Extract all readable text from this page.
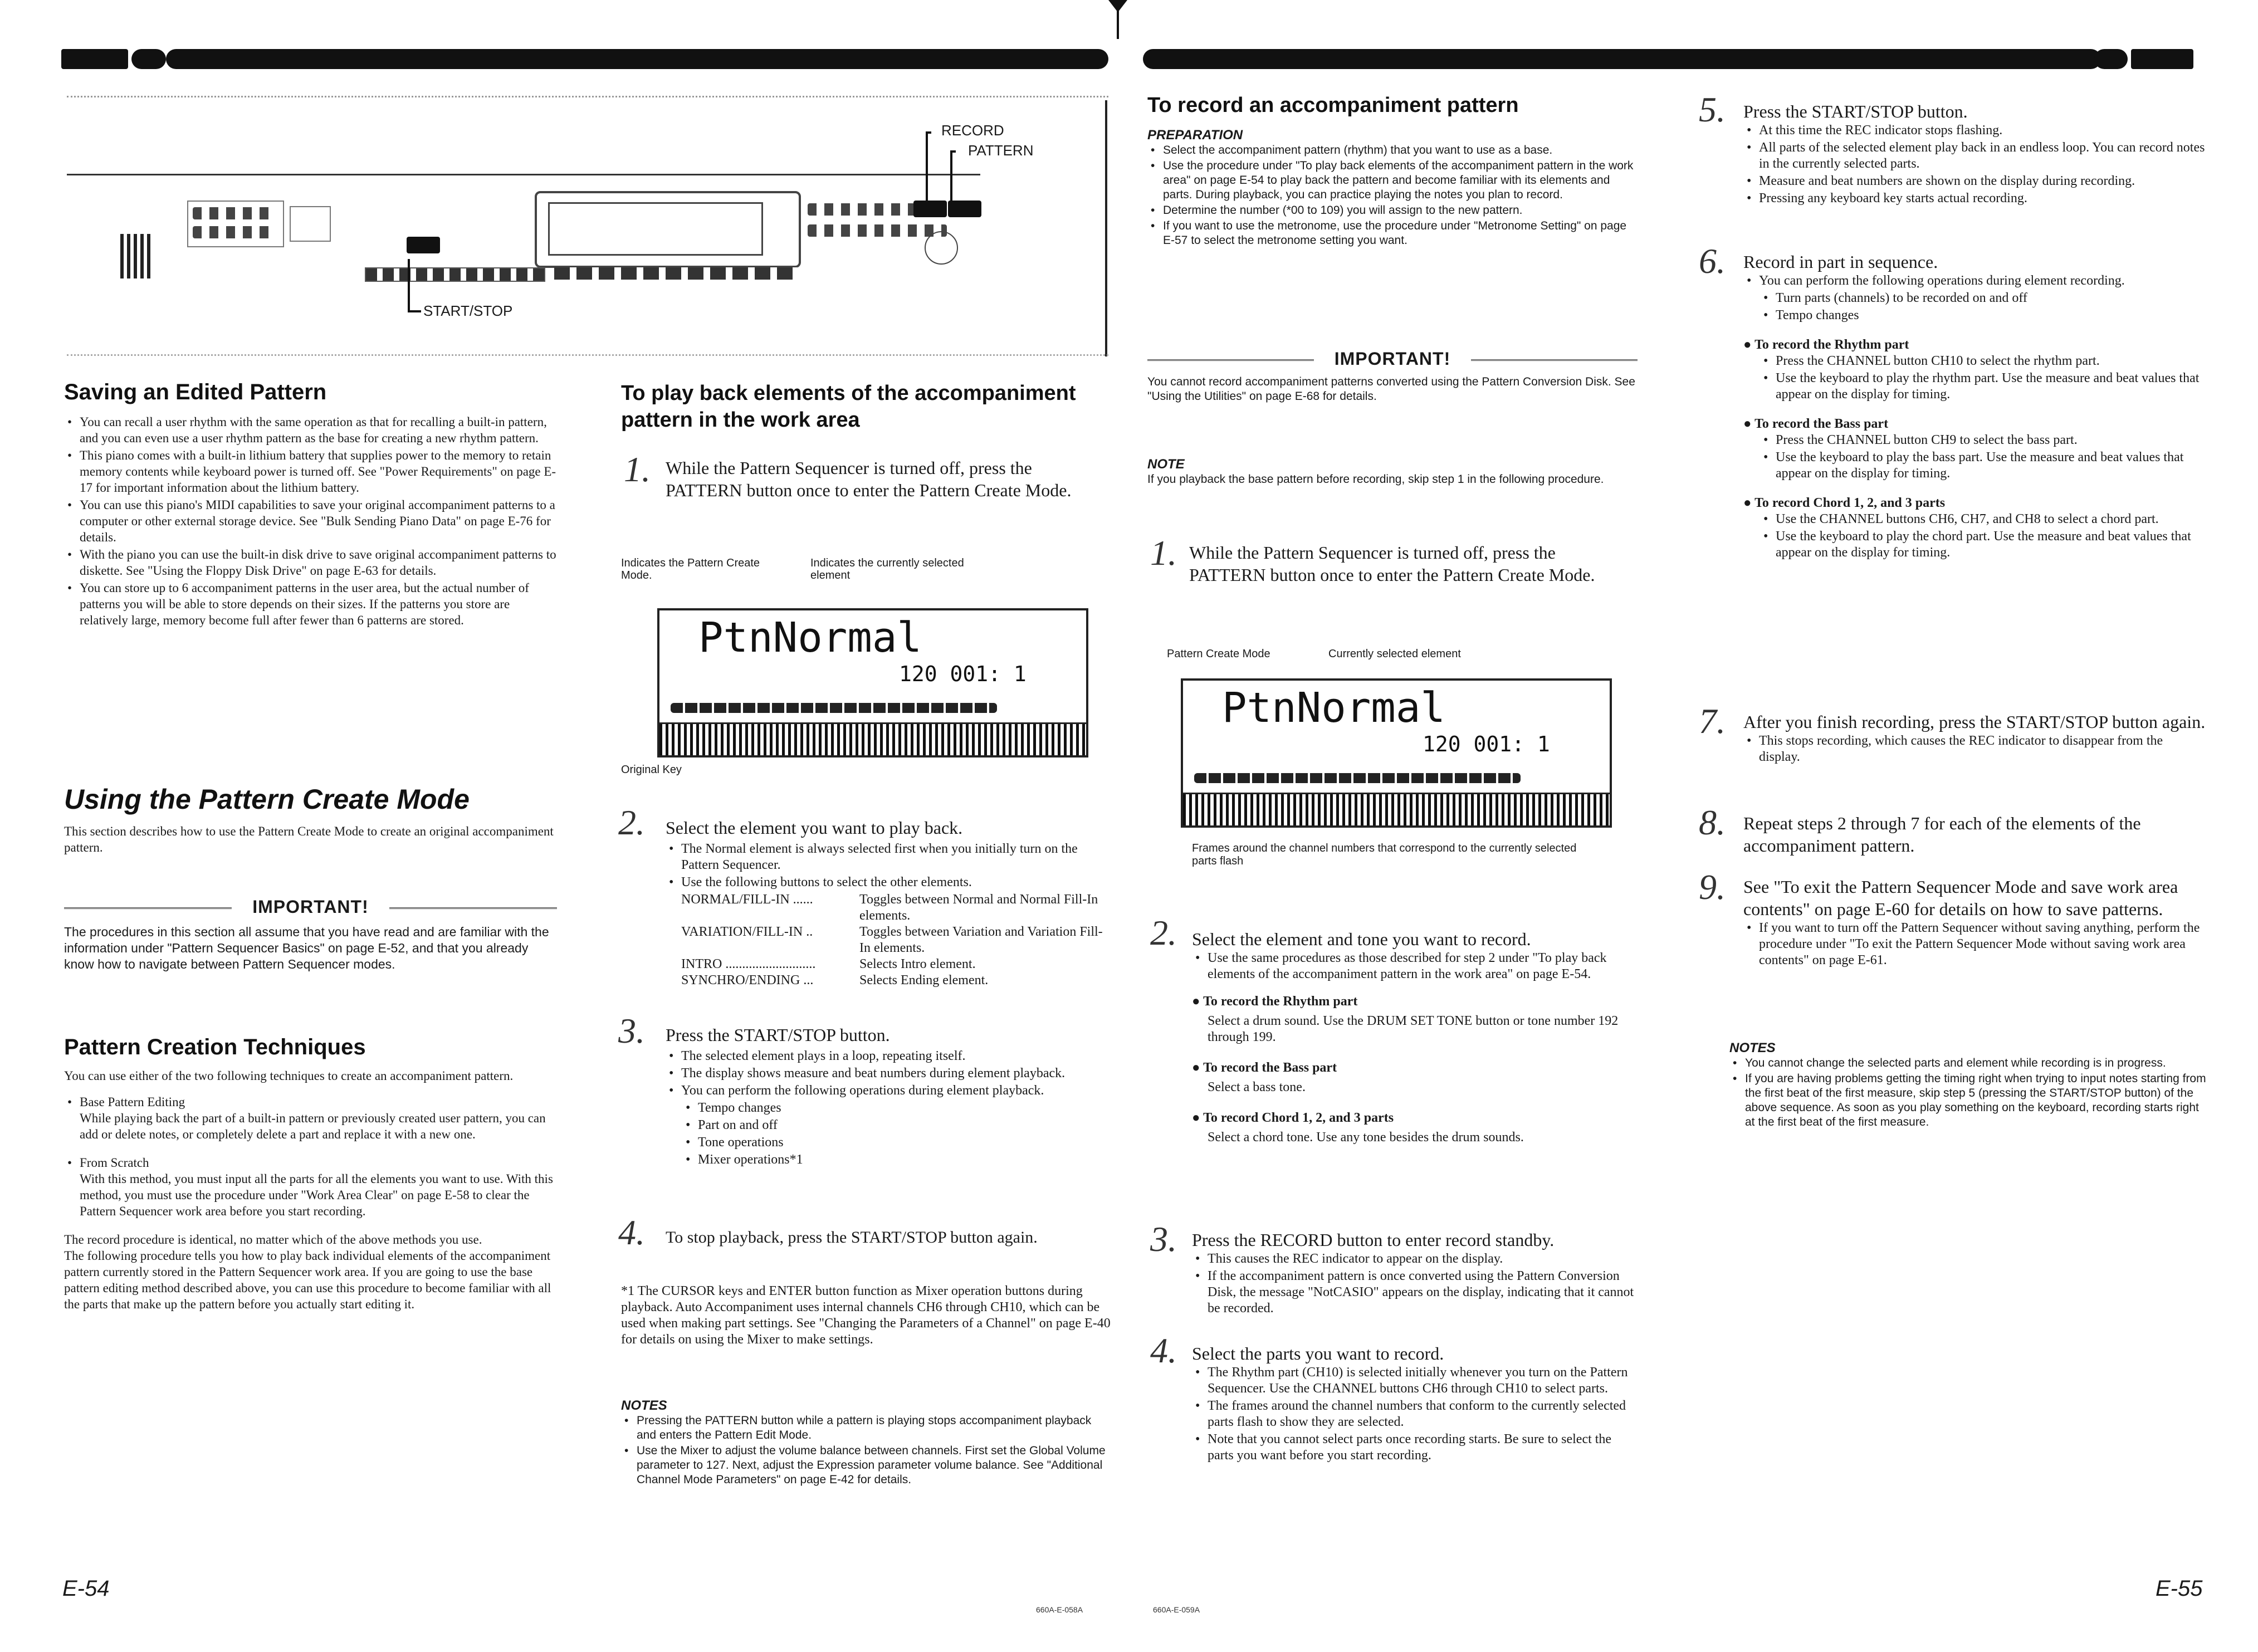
RECORD
PATTERN
START/STOP
Saving an Edited Pattern
• You can recall a user rhythm with the same operation as that for recalling a built-in pattern, and you can even use a user rhythm pattern as the base for creating a new rhythm pattern.
• This piano comes with a built-in lithium battery that supplies power to the memory to retain memory contents while keyboard power is turned off. See "Power Requirements" on page E-17 for important information about the lithium battery.
• You can use this piano's MIDI capabilities to save your original accompaniment patterns to a computer or other external storage device. See "Bulk Sending Piano Data" on page E-76 for details.
• With the piano you can use the built-in disk drive to save original accompaniment patterns to diskette. See "Using the Floppy Disk Drive" on page E-63 for details.
• You can store up to 6 accompaniment patterns in the user area, but the actual number of patterns you will be able to store depends on their sizes. If the patterns you store are relatively large, memory become full after fewer than 6 patterns are stored.
Using the Pattern Create Mode
This section describes how to use the Pattern Create Mode to create an original accompaniment pattern.
IMPORTANT!
The procedures in this section all assume that you have read and are familiar with the information under "Pattern Sequencer Basics" on page E-52, and that you already know how to navigate between Pattern Sequencer modes.
Pattern Creation Techniques
You can use either of the two following techniques to create an accompaniment pattern.
• Base Pattern Editing
While playing back the part of a built-in pattern or previously created user pattern, you can add or delete notes, or completely delete a part and replace it with a new one.
• From Scratch
With this method, you must input all the parts for all the elements you want to use. With this method, you must use the procedure under "Work Area Clear" on page E-58 to clear the Pattern Sequencer work area before you start recording.
The record procedure is identical, no matter which of the above methods you use.
The following procedure tells you how to play back individual elements of the accompaniment pattern currently stored in the Pattern Sequencer work area. If you are going to use the base pattern editing method described above, you can use this procedure to become familiar with all the parts that make up the pattern before you actually start editing it.
To play back elements of the accompaniment pattern in the work area
1. While the Pattern Sequencer is turned off, press the PATTERN button once to enter the Pattern Create Mode.
Indicates the Pattern Create Mode.
Indicates the currently selected element
PtnNormal
120 001: 1
Original Key
2. Select the element you want to play back.
• The Normal element is always selected first when you initially turn on the Pattern Sequencer.
• Use the following buttons to select the other elements.
NORMAL/FILL-IN ......	Toggles between Normal and Normal Fill-In elements.
VARIATION/FILL-IN ..	Toggles between Variation and Variation Fill-In elements.
INTRO ...........................	Selects Intro element.
SYNCHRO/ENDING ...	Selects Ending element.
3. Press the START/STOP button.
• The selected element plays in a loop, repeating itself.
• The display shows measure and beat numbers during element playback.
• You can perform the following operations during element playback.
• Tempo changes
• Part on and off
• Tone operations
• Mixer operations*1
4. To stop playback, press the START/STOP button again.
*1 The CURSOR keys and ENTER button function as Mixer operation buttons during playback. Auto Accompaniment uses internal channels CH6 through CH10, which can be used when making part settings. See "Changing the Parameters of a Channel" on page E-40 for details on using the Mixer to make settings.
NOTES
• Pressing the PATTERN button while a pattern is playing stops accompaniment playback and enters the Pattern Edit Mode.
• Use the Mixer to adjust the volume balance between channels. First set the Global Volume parameter to 127. Next, adjust the Expression parameter volume balance. See "Additional Channel Mode Parameters" on page E-42 for details.
E-54
660A-E-058A
To record an accompaniment pattern
PREPARATION
• Select the accompaniment pattern (rhythm) that you want to use as a base.
• Use the procedure under "To play back elements of the accompaniment pattern in the work area" on page E-54 to play back the pattern and become familiar with its elements and parts. During playback, you can practice playing the notes you plan to record.
• Determine the number (*00 to 109) you will assign to the new pattern.
• If you want to use the metronome, use the procedure under "Metronome Setting" on page E-57 to select the metronome setting you want.
IMPORTANT!
You cannot record accompaniment patterns converted using the Pattern Conversion Disk. See "Using the Utilities" on page E-68 for details.
NOTE
If you playback the base pattern before recording, skip step 1 in the following procedure.
1. While the Pattern Sequencer is turned off, press the PATTERN button once to enter the Pattern Create Mode.
Pattern Create Mode	Currently selected element
PtnNormal
120 001: 1
Frames around the channel numbers that correspond to the currently selected parts flash
2. Select the element and tone you want to record.
• Use the same procedures as those described for step 2 under "To play back elements of the accompaniment pattern in the work area" on page E-54.
● To record the Rhythm part
Select a drum sound. Use the DRUM SET TONE button or tone number 192 through 199.
● To record the Bass part
Select a bass tone.
● To record Chord 1, 2, and 3 parts
Select a chord tone. Use any tone besides the drum sounds.
3. Press the RECORD button to enter record standby.
• This causes the REC indicator to appear on the display.
• If the accompaniment pattern is once converted using the Pattern Conversion Disk, the message "NotCASIO" appears on the display, indicating that it cannot be recorded.
4. Select the parts you want to record.
• The Rhythm part (CH10) is selected initially whenever you turn on the Pattern Sequencer. Use the CHANNEL buttons CH6 through CH10 to select parts.
• The frames around the channel numbers that conform to the currently selected parts flash to show they are selected.
• Note that you cannot select parts once recording starts. Be sure to select the parts you want before you start recording.
5. Press the START/STOP button.
• At this time the REC indicator stops flashing.
• All parts of the selected element play back in an endless loop. You can record notes in the currently selected parts.
• Measure and beat numbers are shown on the display during recording.
• Pressing any keyboard key starts actual recording.
6. Record in part in sequence.
• You can perform the following operations during element recording.
• Turn parts (channels) to be recorded on and off
• Tempo changes
● To record the Rhythm part
• Press the CHANNEL button CH10 to select the rhythm part.
• Use the keyboard to play the rhythm part. Use the measure and beat values that appear on the display for timing.
● To record the Bass part
• Press the CHANNEL button CH9 to select the bass part.
• Use the keyboard to play the bass part. Use the measure and beat values that appear on the display for timing.
● To record Chord 1, 2, and 3 parts
• Use the CHANNEL buttons CH6, CH7, and CH8 to select a chord part.
• Use the keyboard to play the chord part. Use the measure and beat values that appear on the display for timing.
7. After you finish recording, press the START/STOP button again.
• This stops recording, which causes the REC indicator to disappear from the display.
8. Repeat steps 2 through 7 for each of the elements of the accompaniment pattern.
9. See "To exit the Pattern Sequencer Mode and save work area contents" on page E-60 for details on how to save patterns.
• If you want to turn off the Pattern Sequencer without saving anything, perform the procedure under "To exit the Pattern Sequencer Mode without saving work area contents" on page E-61.
NOTES
• You cannot change the selected parts and element while recording is in progress.
• If you are having problems getting the timing right when trying to input notes starting from the first beat of the first measure, skip step 5 (pressing the START/STOP button) of the above sequence. As soon as you play something on the keyboard, recording starts right at the first beat of the first measure.
E-55
660A-E-059A
